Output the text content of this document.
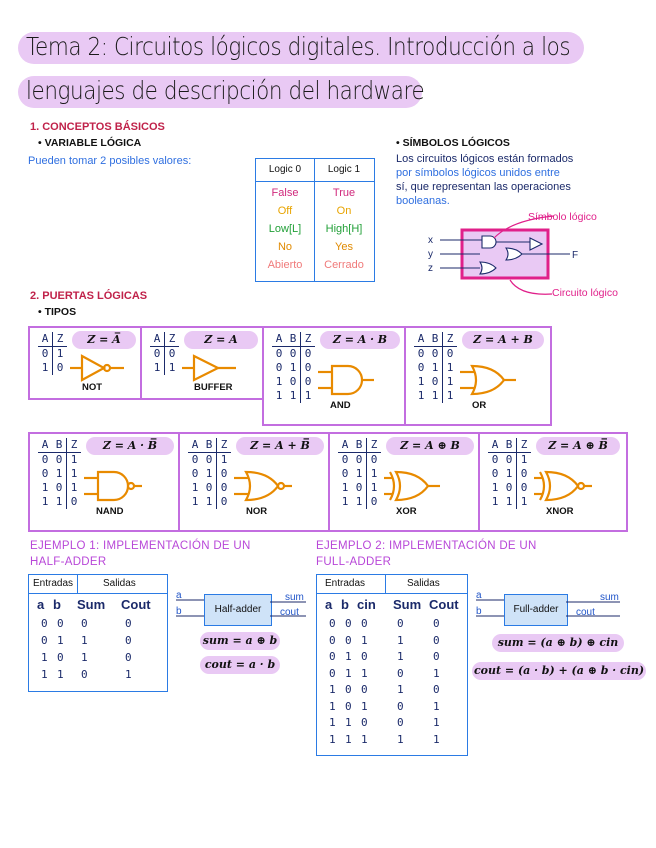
Tema 2: Circuitos lógicos digitales. Introducción a los
lenguajes de descripción del hardware
1. CONCEPTOS BÁSICOS
• VARIABLE LÓGICA
Pueden tomar 2 posibles valores:
Logic 0	Logic 1
False	True
Off	On
Low[L]	High[H]
No	Yes
Abierto	Cerrado
• SÍMBOLOS LÓGICOS
Los circuitos lógicos están formados
por símbolos lógicos unidos entre
sí, que representan las operaciones
booleanas.
x
y
z
F
Símbolo lógico
Circuito lógico
2. PUERTAS LÓGICAS
• TIPOS
A Z
0 1
1 0
Z = A̅
NOT
A Z
0 0
1 1
Z = A
BUFFER
A B Z
0 0 0
0 1 0
1 0 0
1 1 1
Z = A · B
AND
A B Z
0 0 0
0 1 1
1 0 1
1 1 1
Z = A + B
OR
A B Z
0 0 1
0 1 1
1 0 1
1 1 0
Z = A · B̅̅̅̅
NAND
A B Z
0 0 1
0 1 0
1 0 0
1 1 0
Z = A + B̅̅̅̅̅
NOR
A B Z
0 0 0
0 1 1
1 0 1
1 1 0
Z = A ⊕ B
XOR
A B Z
0 0 1
0 1 0
1 0 0
1 1 1
Z = A ⊕ B̅̅̅̅̅
XNOR
EJEMPLO 1: IMPLEMENTACIÓN DE UN
HALF-ADDER
Entradas	Salidas
a b Sum Cout
0 0 0	0
0 1 1	0
1 0 1	0
1 1 0	1
a
b	Half-adder
sum
cout
sum = a ⊕ b
cout = a · b
EJEMPLO 2: IMPLEMENTACIÓN DE UN
FULL-ADDER
Entradas	Salidas
a b cin Sum Cout
0 0 0	0	0
0 0 1	1	0
0 1 0	1	0
0 1 1	0	1
1 0 0	1	0
1 0 1	0	1
1 1 0	0	1
1 1 1	1	1
a
b	Full-adder
sum
cout
sum = (a ⊕ b) ⊕ cin
cout = (a · b) + (a ⊕ b · cin)
